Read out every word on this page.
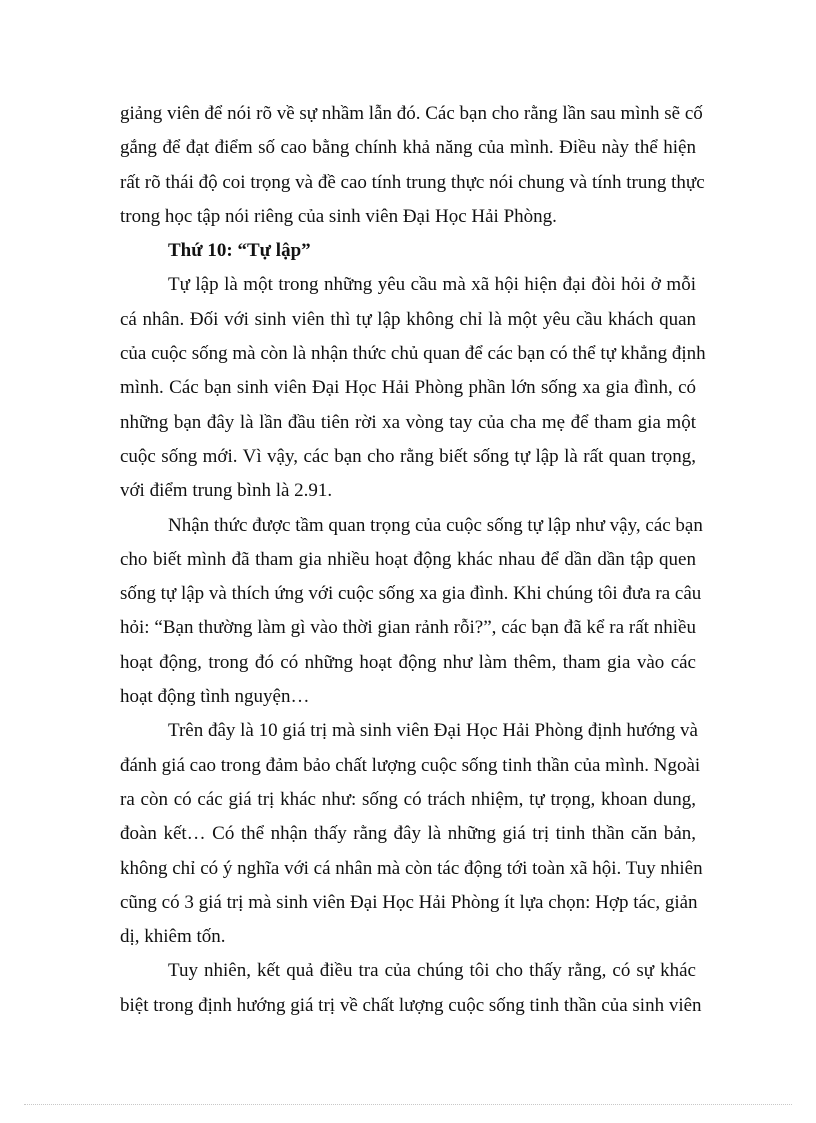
giảng viên để nói rõ về sự nhầm lẫn đó. Các bạn cho rằng lần sau mình sẽ cố
gắng để đạt điểm số cao bằng chính khả năng của mình. Điều này thể hiện
rất rõ thái độ coi trọng và đề cao tính trung thực nói chung và tính trung thực
trong học tập nói riêng của sinh viên Đại Học Hải Phòng.
Thứ 10: “Tự lập”
Tự lập là một trong những yêu cầu mà xã hội hiện đại đòi hỏi ở mỗi
cá nhân. Đối với sinh viên thì tự lập không chỉ là một yêu cầu khách quan
của cuộc sống mà còn là nhận thức chủ quan để các bạn có thể tự khẳng định
mình. Các bạn sinh viên Đại Học Hải Phòng phần lớn sống xa gia đình, có
những bạn đây là lần đầu tiên rời xa vòng tay của cha mẹ để tham gia một
cuộc sống mới. Vì vậy, các bạn cho rằng biết sống tự lập là rất quan trọng,
với điểm trung bình là 2.91.
Nhận thức được tầm quan trọng của cuộc sống tự lập như vậy, các bạn
cho biết mình đã tham gia nhiều hoạt động khác nhau để dần dần tập quen
sống tự lập và thích ứng với cuộc sống xa gia đình. Khi chúng tôi đưa ra câu
hỏi: “Bạn thường làm gì vào thời gian rảnh rỗi?”, các bạn đã kể ra rất nhiều
hoạt động, trong đó có những hoạt động như làm thêm, tham gia vào các
hoạt động tình nguyện…
Trên đây là 10 giá trị mà sinh viên Đại Học Hải Phòng định hướng và
đánh giá cao trong đảm bảo chất lượng cuộc sống tinh thần của mình. Ngoài
ra còn có các giá trị khác như: sống có trách nhiệm, tự trọng, khoan dung,
đoàn kết… Có thể nhận thấy rằng đây là những giá trị tinh thần căn bản,
không chỉ có ý nghĩa với cá nhân mà còn tác động tới toàn xã hội. Tuy nhiên
cũng có 3 giá trị mà sinh viên Đại Học Hải Phòng ít lựa chọn: Hợp tác, giản
dị, khiêm tốn.
Tuy nhiên, kết quả điều tra của chúng tôi cho thấy rằng, có sự khác
biệt trong định hướng giá trị về chất lượng cuộc sống tinh thần của sinh viên
